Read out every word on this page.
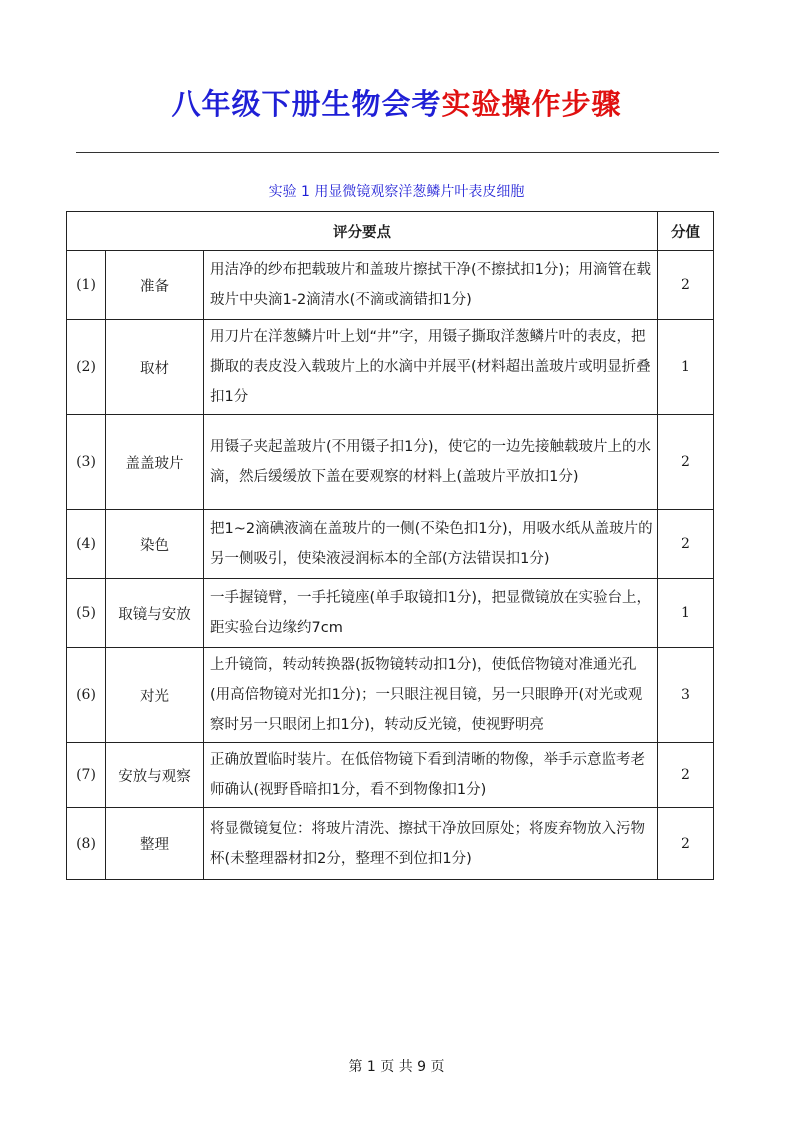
八年级下册生物会考实验操作步骤
实验 1 用显微镜观察洋葱鳞片叶表皮细胞
评分要点			分值
(1)	准备	用洁净的纱布把载玻片和盖玻片擦拭干净(不擦拭扣1分)；用滴管在载玻片中央滴1-2滴清水(不滴或滴错扣1分)	2
(2)	取材	用刀片在洋葱鳞片叶上划“井”字，用镊子撕取洋葱鳞片叶的表皮，把撕取的表皮没入载玻片上的水滴中并展平(材料超出盖玻片或明显折叠扣1分	1
(3)	盖盖玻片	用镊子夹起盖玻片(不用镊子扣1分)，使它的一边先接触载玻片上的水滴，然后缓缓放下盖在要观察的材料上(盖玻片平放扣1分)	2
(4)	染色	把1~2滴碘液滴在盖玻片的一侧(不染色扣1分)，用吸水纸从盖玻片的另一侧吸引，使染液浸润标本的全部(方法错误扣1分)	2
(5)	取镜与安放	一手握镜臂，一手托镜座(单手取镜扣1分)，把显微镜放在实验台上，距实验台边缘约7cm	1
(6)	对光	上升镜筒，转动转换器(扳物镜转动扣1分)，使低倍物镜对准通光孔(用高倍物镜对光扣1分)；一只眼注视目镜，另一只眼睁开(对光或观察时另一只眼闭上扣1分)，转动反光镜，使视野明亮	3
(7)	安放与观察	正确放置临时装片。在低倍物镜下看到清晰的物像，举手示意监考老师确认(视野昏暗扣1分，看不到物像扣1分)	2
(8)	整理	将显微镜复位：将玻片清洗、擦拭干净放回原处；将废弃物放入污物杯(未整理器材扣2分，整理不到位扣1分)	2
第 1 页 共 9 页
